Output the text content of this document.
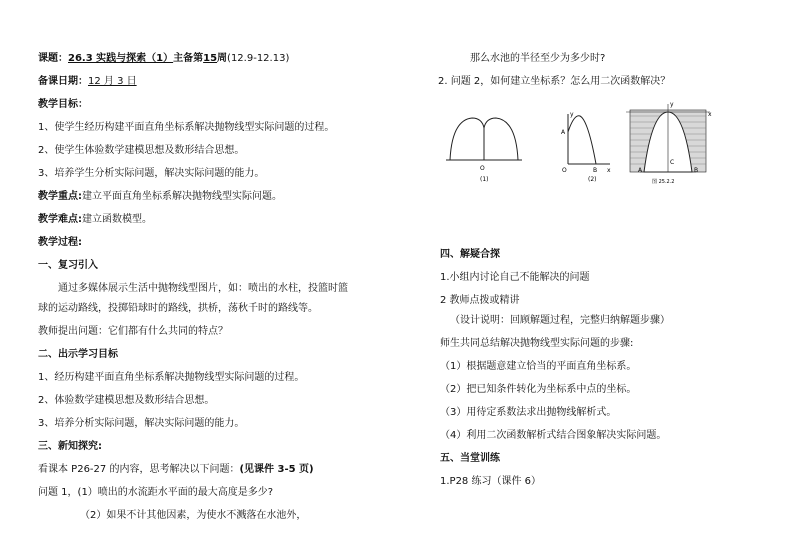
课题：26.3 实践与探索（1）主备第15周(12.9-12.13)
备课日期：12 月 3 日
教学目标：
1、使学生经历构建平面直角坐标系解决抛物线型实际问题的过程。
2、使学生体验数学建模思想及数形结合思想。
3、培养学生分析实际问题，解决实际问题的能力。
教学重点:建立平面直角坐标系解决抛物线型实际问题。
教学难点:建立函数模型。
教学过程:
一、复习引入
通过多媒体展示生活中抛物线型图片，如：喷出的水柱，投篮时篮
球的运动路线，投掷铅球时的路线，拱桥，荡秋千时的路线等。
教师提出问题：它们都有什么共同的特点？
二、出示学习目标
1、经历构建平面直角坐标系解决抛物线型实际问题的过程。
2、体验数学建模思想及数形结合思想。
3、培养分析实际问题，解决实际问题的能力。
三、新知探究:
看课本 P26-27 的内容，思考解决以下问题：(见课件 3-5 页)
问题 1，(1）喷出的水流距水平面的最大高度是多少?
（2）如果不计其他因素，为使水不溅落在水池外，
那么水池的半径至少为多少时?
2. 问题 2，如何建立坐标系？怎么用二次函数解决？
O
(1)
y
A
O	B x
(2)
y
x
C
A	B
图 25.2.2
四、解疑合探
1.小组内讨论自己不能解决的问题
2 教师点拨或精讲
（设计说明：回顾解题过程，完整归纳解题步骤）
师生共同总结解决抛物线型实际问题的步骤:
（1）根据题意建立恰当的平面直角坐标系。
（2）把已知条件转化为坐标系中点的坐标。
（3）用待定系数法求出抛物线解析式。
（4）利用二次函数解析式结合图象解决实际问题。
五、当堂训练
1.P28 练习（课件 6）
